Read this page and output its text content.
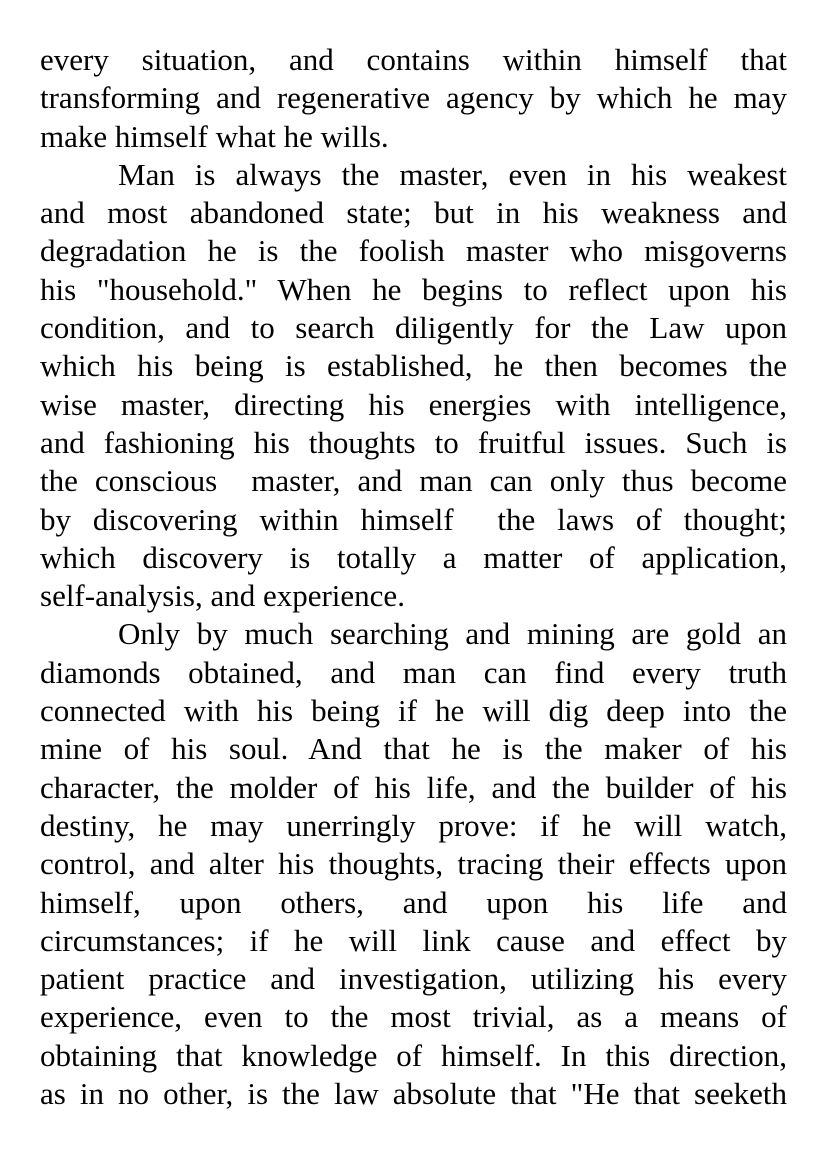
every situation, and contains within himself that
transforming and regenerative agency by which he may
make himself what he wills.
Man is always the master, even in his weakest
and most abandoned state; but in his weakness and
degradation he is the foolish master who misgoverns
his "household." When he begins to reflect upon his
condition, and to search diligently for the Law upon
which his being is established, he then becomes the
wise master, directing his energies with intelligence,
and fashioning his thoughts to fruitful issues. Such is
the conscious  master, and man can only thus become
by discovering within himself  the laws of thought;
which discovery is totally a matter of application,
self-analysis, and experience.
Only by much searching and mining are gold an
diamonds obtained, and man can find every truth
connected with his being if he will dig deep into the
mine of his soul. And that he is the maker of his
character, the molder of his life, and the builder of his
destiny, he may unerringly prove: if he will watch,
control, and alter his thoughts, tracing their effects upon
himself, upon others, and upon his life and
circumstances; if he will link cause and effect by
patient practice and investigation, utilizing his every
experience, even to the most trivial, as a means of
obtaining that knowledge of himself. In this direction,
as in no other, is the law absolute that "He that seeketh
